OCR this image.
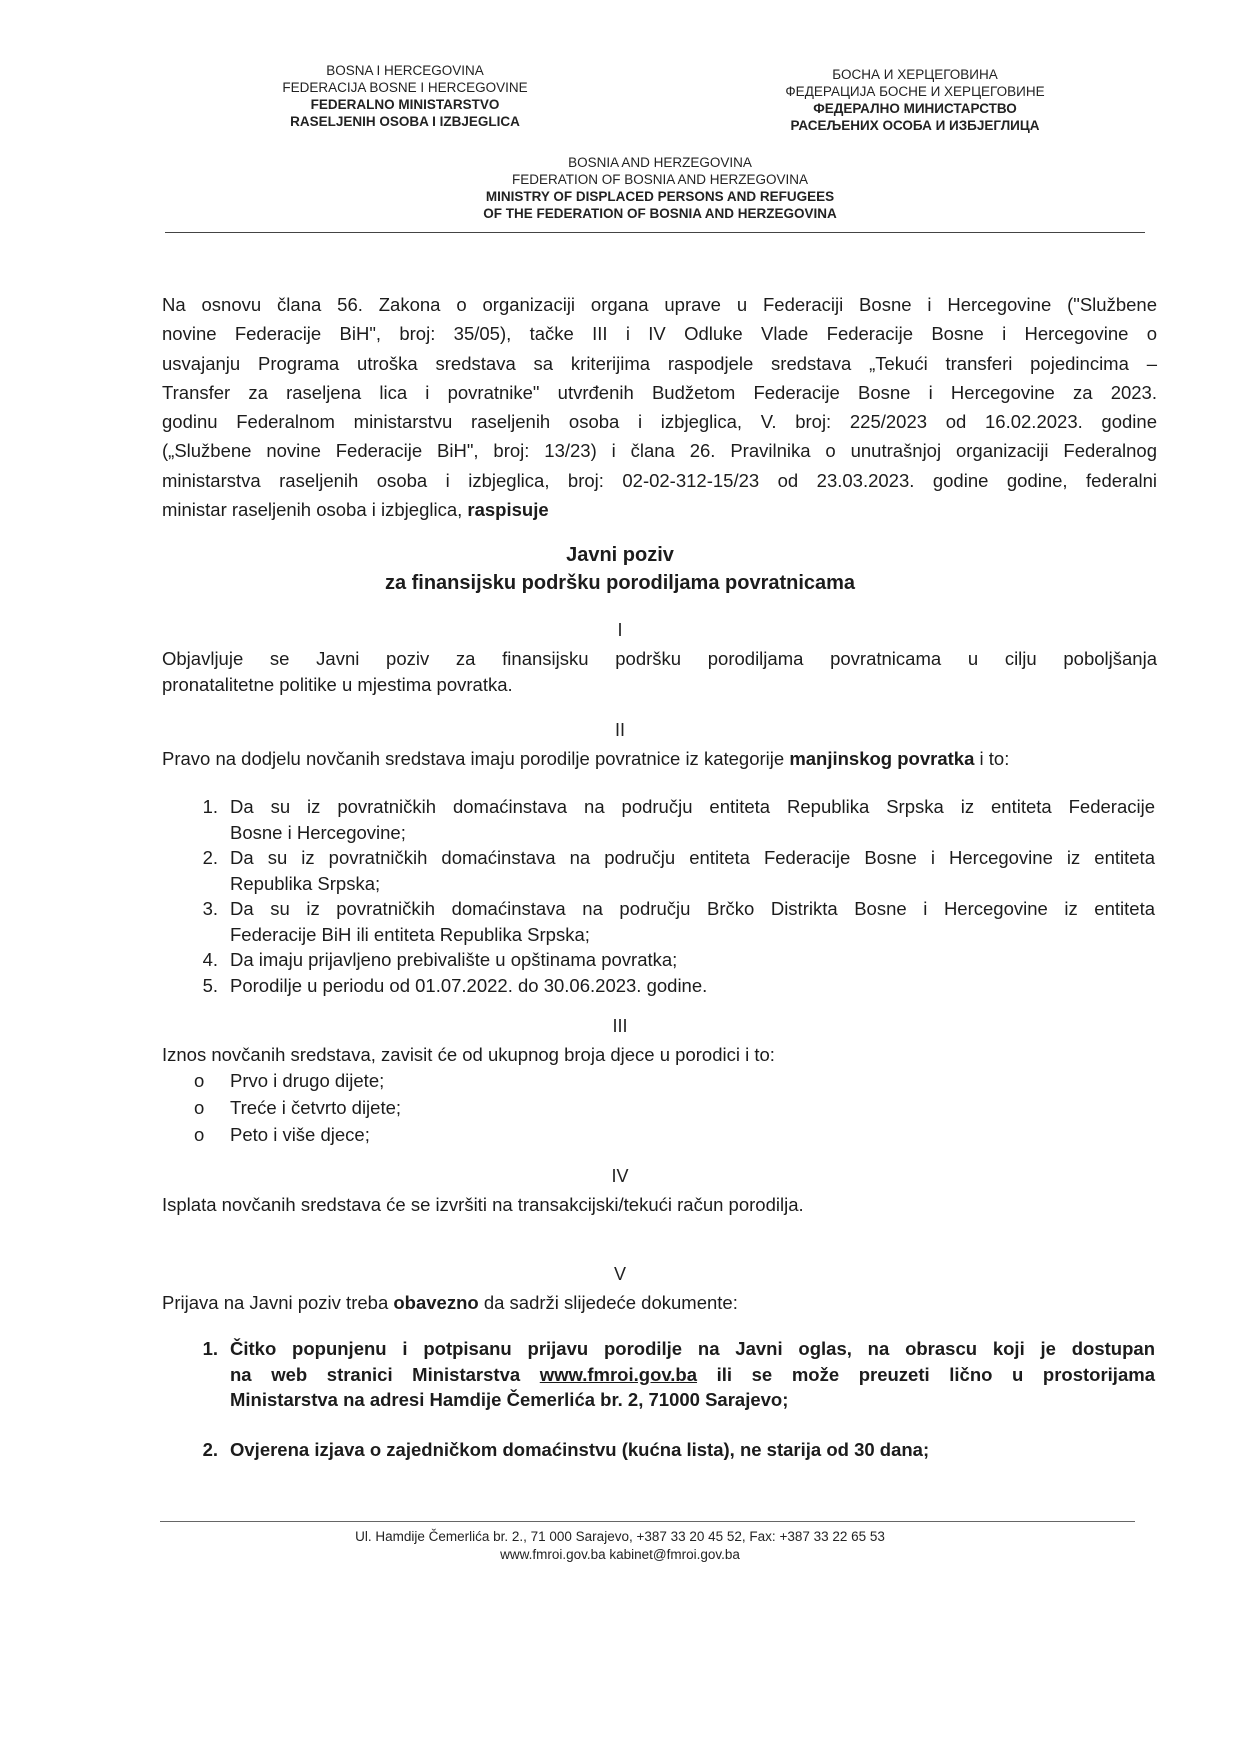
BOSNA I HERCEGOVINA
FEDERACIJA BOSNE I HERCEGOVINE
FEDERALNO MINISTARSTVO
RASELJENIH OSOBA I IZBJEGLICA
БОСНА И ХЕРЦЕГОВИНА
ФЕДЕРАЦИЈА БОСНЕ И ХЕРЦЕГОВИНЕ
ФЕДЕРАЛНО МИНИСТАРСТВО
РАСЕЉЕНИХ ОСОБА И ИЗБЈЕГЛИЦА
BOSNIA AND HERZEGOVINA
FEDERATION OF BOSNIA AND HERZEGOVINA
MINISTRY OF DISPLACED PERSONS AND REFUGEES
OF THE FEDERATION OF BOSNIA AND HERZEGOVINA
Na osnovu člana 56. Zakona o organizaciji organa uprave u Federaciji Bosne i Hercegovine ("Službene
novine Federacije BiH", broj: 35/05), tačke III i IV Odluke Vlade Federacije Bosne i Hercegovine o
usvajanju Programa utroška sredstava sa kriterijima raspodjele sredstava „Tekući transferi pojedincima –
Transfer za raseljena lica i povratnike" utvrđenih Budžetom Federacije Bosne i Hercegovine za 2023.
godinu Federalnom ministarstvu raseljenih osoba i izbjeglica, V. broj: 225/2023 od 16.02.2023. godine
(„Službene novine Federacije BiH", broj: 13/23) i člana 26. Pravilnika o unutrašnjoj organizaciji Federalnog
ministarstva raseljenih osoba i izbjeglica, broj: 02-02-312-15/23 od 23.03.2023. godine godine, federalni
ministar raseljenih osoba i izbjeglica, raspisuje
Javni poziv
za finansijsku podršku porodiljama povratnicama
I
Objavljuje se Javni poziv za finansijsku podršku porodiljama povratnicama u cilju poboljšanja
pronatalitetne politike u mjestima povratka.
II
Pravo na dodjelu novčanih sredstava imaju porodilje povratnice iz kategorije manjinskog povratka i to:
1. Da su iz povratničkih domaćinstava na području entiteta Republika Srpska iz entiteta Federacije
Bosne i Hercegovine;
2. Da su iz povratničkih domaćinstava na području entiteta Federacije Bosne i Hercegovine iz entiteta
Republika Srpska;
3. Da su iz povratničkih domaćinstava na području Brčko Distrikta Bosne i Hercegovine iz entiteta
Federacije BiH ili entiteta Republika Srpska;
4. Da imaju prijavljeno prebivalište u opštinama povratka;
5. Porodilje u periodu od 01.07.2022. do 30.06.2023. godine.
III
Iznos novčanih sredstava, zavisit će od ukupnog broja djece u porodici i to:
o Prvo i drugo dijete;
o Treće i četvrto dijete;
o Peto i više djece;
IV
Isplata novčanih sredstava će se izvršiti na transakcijski/tekući račun porodilja.
V
Prijava na Javni poziv treba obavezno da sadrži slijedeće dokumente:
1. Čitko popunjenu i potpisanu prijavu porodilje na Javni oglas, na obrascu koji je dostupan
na web stranici Ministarstva www.fmroi.gov.ba ili se može preuzeti lično u prostorijama
Ministarstva na adresi Hamdije Čemerlića br. 2, 71000 Sarajevo;
2. Ovjerena izjava o zajedničkom domaćinstvu (kućna lista), ne starija od 30 dana;
Ul. Hamdije Čemerlića br. 2., 71 000 Sarajevo, +387 33 20 45 52, Fax: +387 33 22 65 53
www.fmroi.gov.ba kabinet@fmroi.gov.ba
